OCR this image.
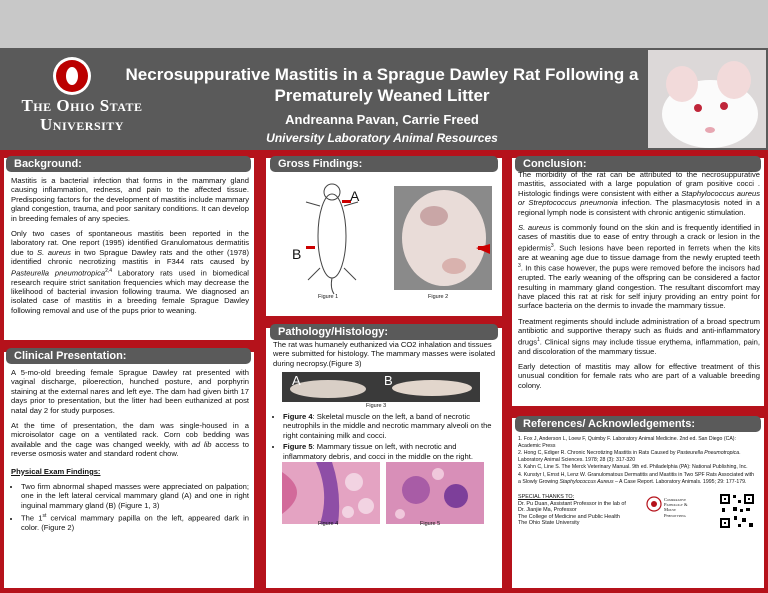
The Ohio State University
Necrosuppurative Mastitis in a Sprague Dawley Rat Following a Prematurely Weaned Litter
Andreanna Pavan, Carrie Freed
University Laboratory Animal Resources
Background:

Mastitis is a bacterial infection that forms in the mammary gland causing inflammation, redness, and pain to the affected tissue. Predisposing factors for the development of mastitis include mammary gland congestion, trauma, and poor sanitary conditions. It can develop in breeding females of any species.

Only two cases of spontaneous mastitis been reported in the laboratory rat. One report (1995) identified Granulomatous dermatitis due to S. aureus in two Sprague Dawley rats and the other (1978) identified chronic necrotizing mastitis in F344 rats caused by Pasteurella pneumotropica$^{2,4}$ Laboratory rats used in biomedical research require strict sanitation frequencies which may decrease the likelihood of bacterial invasion following trauma. We diagnosed an isolated case of mastitis in a breeding female Sprague Dawley following removal and use of the pups prior to weaning.

Clinical Presentation:

A 5-mo-old breeding female Sprague Dawley rat presented with vaginal discharge, piloerection, hunched posture, and porphyrin staining at the external nares and left eye. The dam had given birth 17 days prior to presentation, but the litter had been euthanized at post natal day 2 for study purposes.

At the time of presentation, the dam was single-housed in a microisolator cage on a ventilated rack. Corn cob bedding was available and the cage was changed weekly, with ad lib access to reverse osmosis water and standard rodent chow.

Physical Exam Findings:

• Two firm abnormal shaped masses were appreciated on palpation; one in the left lateral cervical mammary gland (A) and one in right inguinal mammary gland (B) (Figure 1, 3)
• The 1st cervical mammary papilla on the left, appeared dark in color. (Figure 2)
Gross Findings:
A
B
Figure 1	Figure 2
Pathology/Histology:
The rat was humanely euthanized via CO2 inhalation and tissues were submitted for histology. The mammary masses were isolated during necropsy.(Figure 3)
A	B
Figure 3
• Figure 4: Skeletal muscle on the left, a band of necrotic neutrophils in the middle and necrotic mammary alveoli on the right containing milk and cocci.
• Figure 5: Mammary tissue on left, with necrotic and inflammatory debris, and cocci in the middle on the right.
Figure 4	Figure 5
Conclusion:

The morbidity of the rat can be attributed to the necrosuppurative mastitis, associated with a large population of gram positive cocci . Histologic findings were consistent with either a Staphylococcus aureus or Streptococcus pneumonia infection. The plasmacytosis noted in a regional lymph node is consistent with chronic antigenic stimulation.

S. aureus is commonly found on the skin and is frequently identified in cases of mastitis due to ease of entry through a crack or lesion in the epidermis$^3$. Such lesions have been reported in ferrets when the kits are at weaning age due to tissue damage from the newly erupted teeth $^3$. In this case however, the pups were removed before the incisors had erupted. The early weaning of the offspring can be considered a factor resulting in mammary gland congestion. The resultant discomfort may have placed this rat at risk for self injury providing an entry point for surface bacteria on the dermis to invade the mammary tissue.

Treatment regiments should include administration of a broad spectrum antibiotic and supportive therapy such as fluids and anti-inflammatory drugs$^1$. Clinical signs may include tissue erythema, inflammation, pain, and discoloration of the mammary tissue.

Early detection of mastitis may allow for effective treatment of this unusual condition for female rats who are part of a valuable breeding colony.

References/ Acknowledgements:
1. Fox J, Anderson L, Loew F, Quimby F. Laboratory Animal Medicine. 2nd ed. San Diego (CA): Academic Press
2. Hong C, Ediger R. Chronic Necrotizing Mastitis in Rats Caused by Pasteurella Pneumotropica. Laboratory Animal Sciences. 1978; 28 (3): 317-320
3. Kahn C, Line S. The Merck Veterinary Manual. 9th ed. Philadelphia (PA): National Publishing, Inc.
4. Kunstyr I, Ernst H, Lenz W. Granulomatous Dermatitis and Mastitis in Two SPF Rats Associated with a Slowly Growing Staphylococcus Aureus – A Case Report. Laboratory Animals. 1995; 29: 177-179.
SPECIAL THANKS TO:
Dr. Pu Duan, Assistant Professor in the lab of
Dr. Jianjie Ma, Professor
The College of Medicine and Public Health
The Ohio State University
Comparative
Pathology &
Mouse
Phenotyping
